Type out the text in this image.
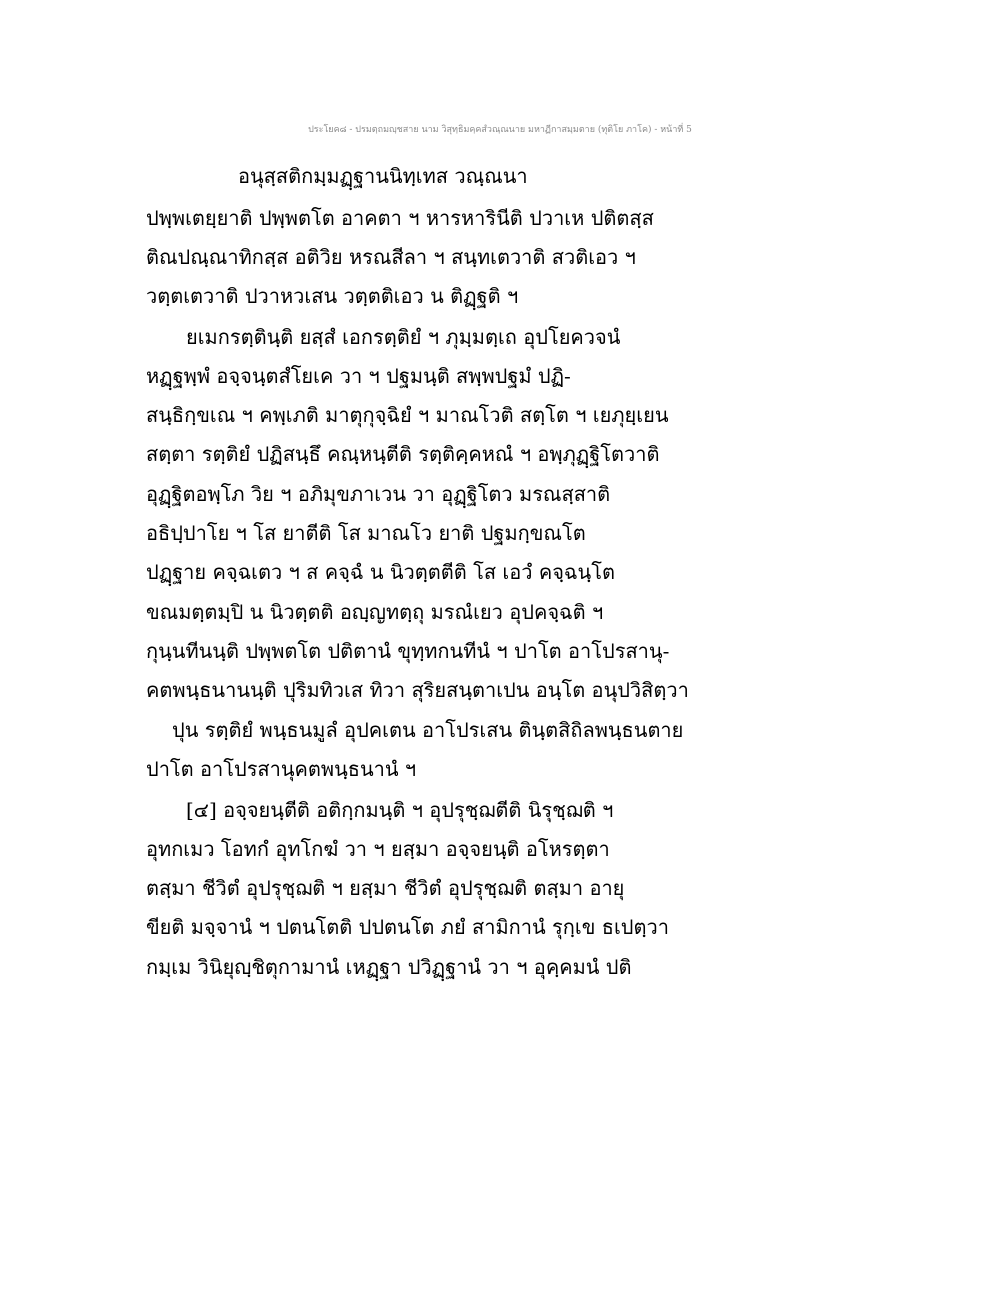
ประโยค๘ - ปรมตฺถมญฺชสาย นาม วิสุทฺธิมคฺคสํวณฺณนาย มหาฏีกาสมฺมตาย (ทุติโย ภาโค) - หน้าที่ 5
อนุสฺสติกมฺมฏฺฐานนิทฺเทส วณฺณนา
ปพฺพเตยฺยาติ ปพฺพตโต อาคตา ฯ หารหารินีติ ปวาเห ปติตสฺส
ติณปณฺณาทิกสฺส อติวิย หรณสีลา ฯ สนฺทเตวาติ สวติเอว ฯ
วตฺตเตวาติ ปวาหวเสน วตฺตติเอว น ติฏฺฐติ ฯ
ยเมกรตฺตินฺติ ยสฺสํ เอกรตฺติยํ ฯ ภุมฺมตฺเถ อุปโยควจนํ
หฏฺฐพฺพํ อจฺจนฺตสํโยเค วา ฯ ปฐมนฺติ สพฺพปฐมํ ปฏิ-
สนฺธิกฺขเณ ฯ คพฺเภติ มาตุกุจฺฉิยํ ฯ มาณโวติ สตฺโต ฯ เยภุยฺเยน
สตฺตา รตฺติยํ ปฏิสนฺธึ คณฺหนฺตีติ รตฺติคฺคหณํ ฯ อพฺภุฏฺฐิโตวาติ
อุฏฺฐิตอพฺโภ วิย ฯ อภิมุขภาเวน วา อุฏฺฐิโตว มรณสฺสาติ
อธิปฺปาโย ฯ โส ยาตีติ โส มาณโว ยาติ ปฐมกฺขณโต
ปฏฺฐาย คจฺฉเตว ฯ ส คจฺฉํ น นิวตฺตตีติ โส เอวํ คจฺฉนฺโต
ขณมตฺตมฺปิ น นิวตฺตติ อญฺญทตฺถุ มรณํเยว อุปคจฺฉติ ฯ
กุนฺนทีนนฺติ ปพฺพตโต ปติตานํ ขุทฺทกนทีนํ ฯ ปาโต อาโปรสานุ-
คตพนฺธนานนฺติ ปุริมทิวเส ทิวา สุริยสนฺตาเปน อนฺโต อนุปวิสิตฺวา
ปุน รตฺติยํ พนฺธนมูลํ อุปคเตน อาโปรเสน ตินฺตสิถิลพนฺธนตาย
ปาโต อาโปรสานุคตพนฺธนานํ ฯ
[๔] อจฺจยนฺตีติ อติกฺกมนฺติ ฯ อุปรุชฺฌตีติ นิรุชฺฌติ ฯ
อุทกเมว โอทกํ อุทโกฆํ วา ฯ ยสฺมา อจฺจยนฺติ อโหรตฺตา
ตสฺมา ชีวิตํ อุปรุชฺฌติ ฯ ยสฺมา ชีวิตํ อุปรุชฺฌติ ตสฺมา อายุ
ขียติ มจฺจานํ ฯ ปตนโตติ ปปตนโต ภยํ สามิกานํ รุกฺเข ธเปตฺวา
กมฺเม วินิยุญฺชิตุกามานํ เหฏฺฐา ปวิฏฺฐานํ วา ฯ อุคฺคมนํ ปติ
